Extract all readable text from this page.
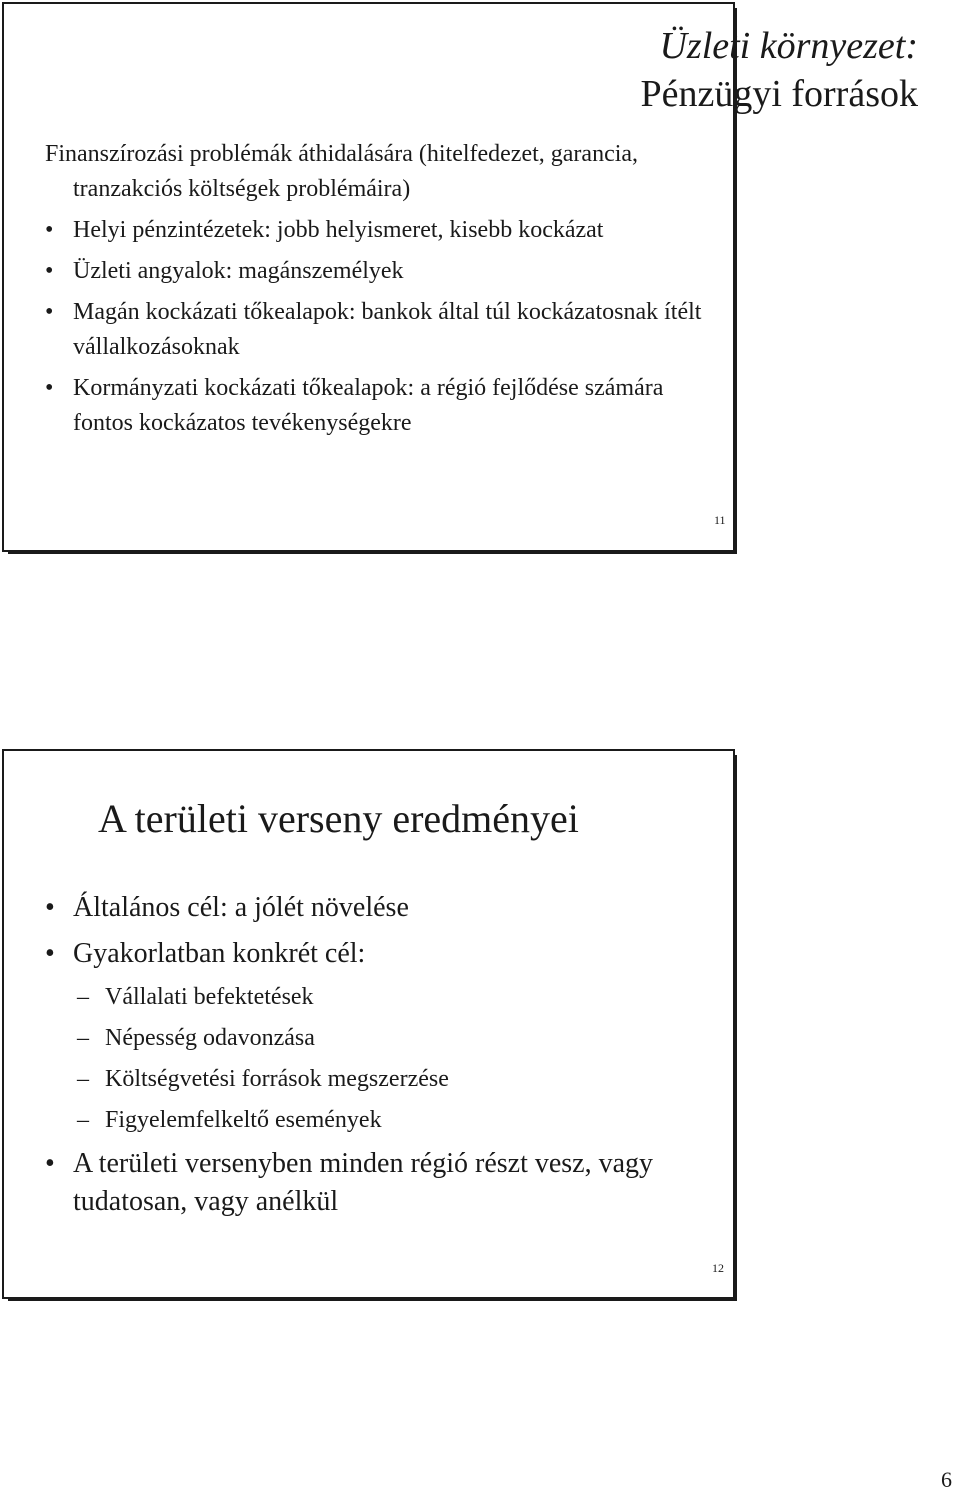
Üzleti környezet:
Pénzügyi források
Finanszírozási problémák áthidalására (hitelfedezet, garancia, tranzakciós költségek problémáira)
• Helyi pénzintézetek: jobb helyismeret, kisebb kockázat
• Üzleti angyalok: magánszemélyek
• Magán kockázati tőkealapok: bankok által túl kockázatosnak ítélt vállalkozásoknak
• Kormányzati kockázati tőkealapok: a régió fejlődése számára fontos kockázatos tevékenységekre
11
A területi verseny eredményei
• Általános cél: a jólét növelése
• Gyakorlatban konkrét cél:
– Vállalati befektetések
– Népesség odavonzása
– Költségvetési források megszerzése
– Figyelemfelkeltő események
• A területi versenyben minden régió részt vesz, vagy tudatosan, vagy anélkül
12
6
